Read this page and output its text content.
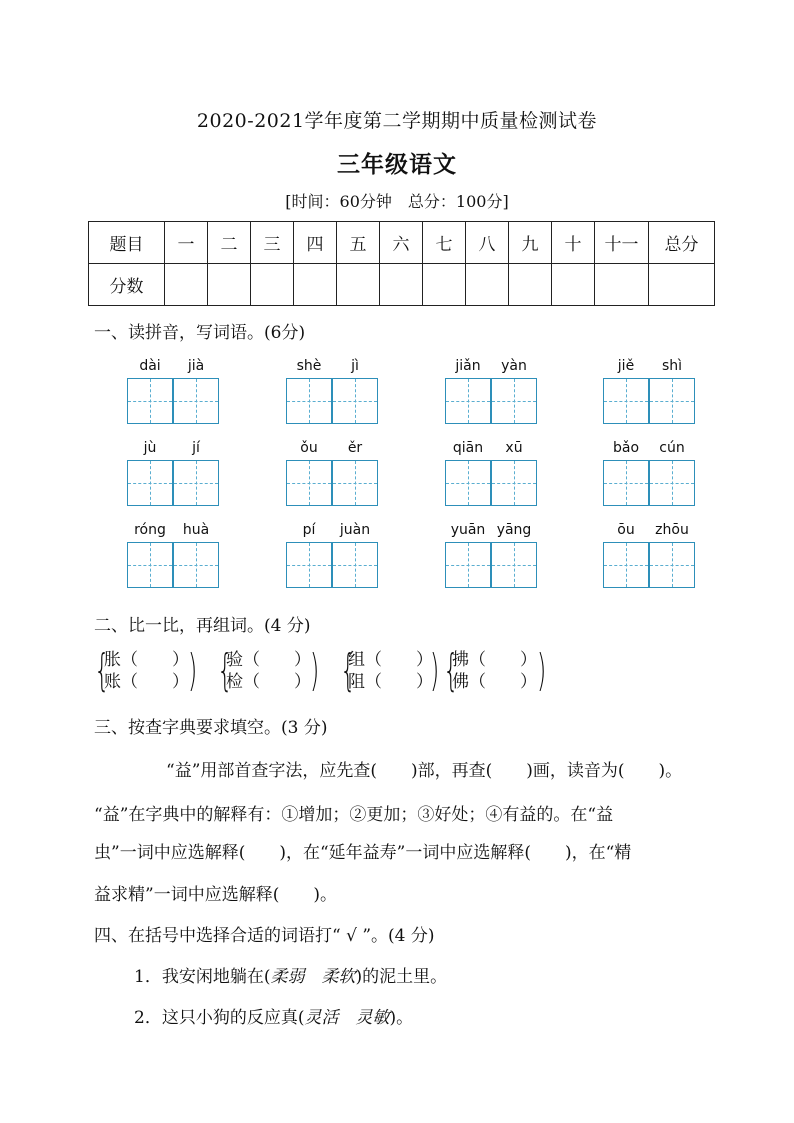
2020-2021学年度第二学期期中质量检测试卷
三年级语文
[时间：60分钟　总分：100分]
题目	一	二	三	四	五	六	七	八	九	十	十一	总分
分数												
一、读拼音，写词语。(6分)
dài	jià	shè	jì	jiǎn	yàn	jiě	shì
jù	jí	ǒu	ěr	qiān	xū	bǎo	cún
róng	huà	pí	juàn	yuān yāng	ōu	zhōu
二、比一比，再组词。(4 分)
{
胀（　　）
账（　　）
) {
验（　　）
检（　　）
) {
组（　　）
阻（　　）
) {
拂（　　）
佛（　　） )
三、按查字典要求填空。(3 分)
“益”用部首查字法，应先查(　　)部，再查(　　)画，读音为(　　)。
“益”在字典中的解释有：①增加；②更加；③好处；④有益的。在“益
虫”一词中应选解释(　　)，在“延年益寿”一词中应选解释(　　)，在“精
益求精”一词中应选解释(　　)。
四、在括号中选择合适的词语打“ √ ”。(4 分)
1．我安闲地躺在(柔弱　柔软)的泥土里。
2．这只小狗的反应真(灵活　灵敏)。
